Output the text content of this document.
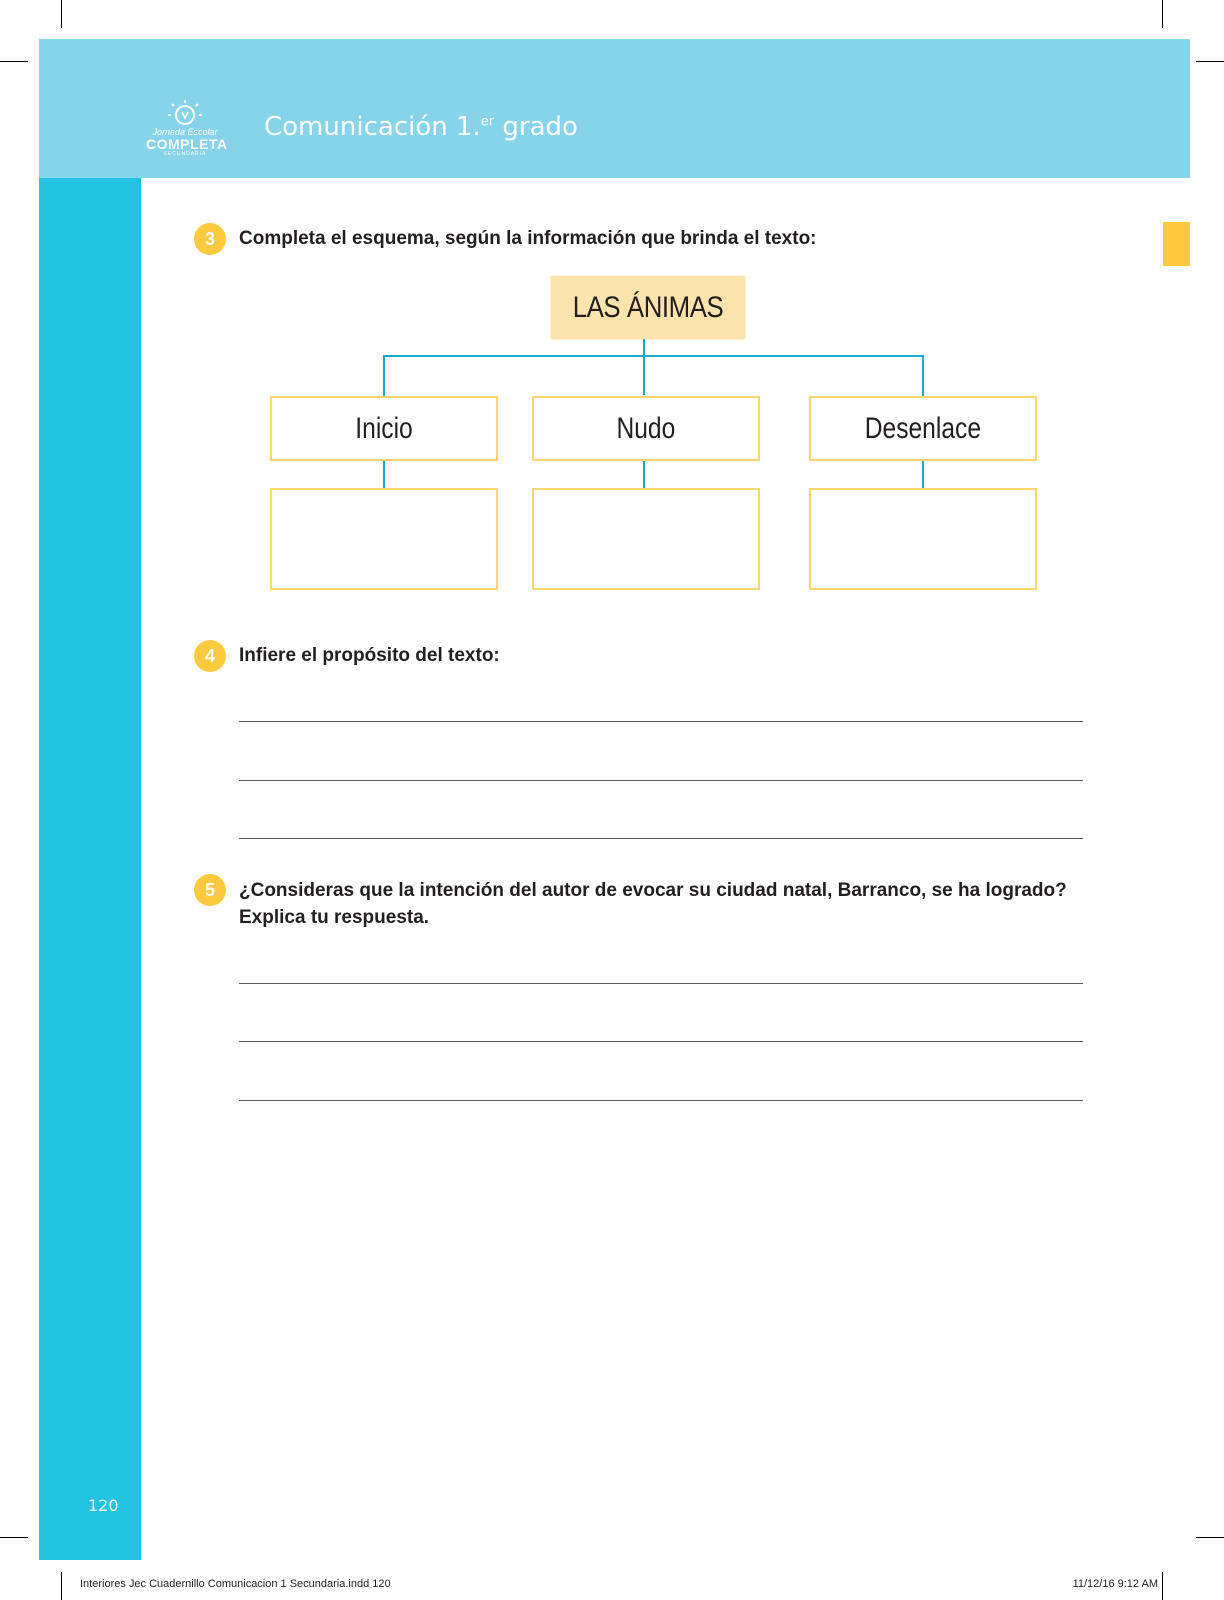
Jornada Escolar
COMPLETA
SECUNDARIA
Comunicación 1.$^{er}$ grado
3	Completa el esquema, según la información que brinda el texto:
LAS ÁNIMAS
Inicio	Nudo	Desenlace
4	Infiere el propósito del texto:
5	¿Consideras que la intención del autor de evocar su ciudad natal, Barranco, se ha logrado? Explica tu respuesta.
120
Interiores Jec Cuadernillo Comunicacion 1 Secundaria.indd 120	11/12/16 9:12 AM
